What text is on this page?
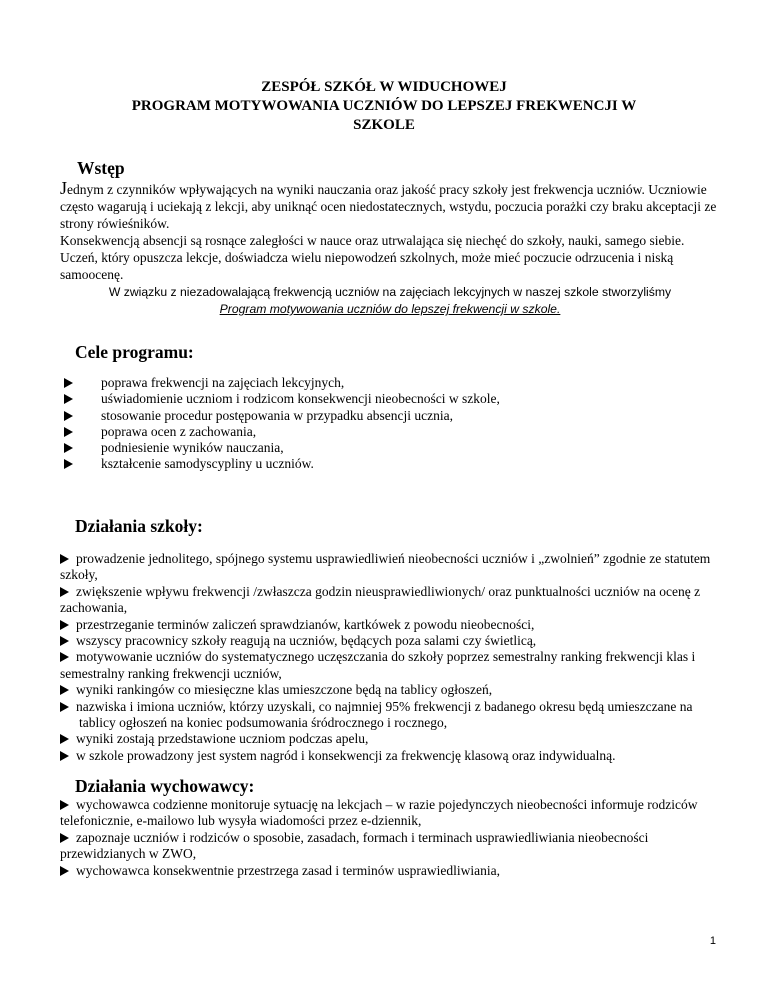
ZESPÓŁ SZKÓŁ W WIDUCHOWEJ
PROGRAM MOTYWOWANIA UCZNIÓW DO LEPSZEJ FREKWENCJI W
SZKOLE
Wstęp

Jednym z czynników wpływających na wyniki nauczania oraz jakość pracy szkoły jest frekwencja uczniów. Uczniowie często wagarują i uciekają z lekcji, aby uniknąć ocen niedostatecznych, wstydu, poczucia porażki czy braku akceptacji ze strony rówieśników.

Konsekwencją absencji są rosnące zaległości w nauce oraz utrwalająca się niechęć do szkoły, nauki, samego siebie. Uczeń, który opuszcza lekcje, doświadcza wielu niepowodzeń szkolnych, może mieć poczucie odrzucenia i niską samoocenę.

W związku z niezadowalającą frekwencją uczniów na zajęciach lekcyjnych w naszej szkole stworzyliśmy
Program motywowania uczniów do lepszej frekwencji w szkole.

Cele programu:
poprawa frekwencji na zajęciach lekcyjnych,
uświadomienie uczniom i rodzicom konsekwencji nieobecności w szkole,
stosowanie procedur postępowania w przypadku absencji ucznia,
poprawa ocen z zachowania,
podniesienie wyników nauczania,
kształcenie samodyscypliny u uczniów.
Działania szkoły:
prowadzenie jednolitego, spójnego systemu usprawiedliwień nieobecności uczniów i „zwolnień” zgodnie ze statutem szkoły,
zwiększenie wpływu frekwencji /zwłaszcza godzin nieusprawiedliwionych/ oraz punktualności uczniów na ocenę z zachowania,
przestrzeganie terminów zaliczeń sprawdzianów, kartkówek z powodu nieobecności,
wszyscy pracownicy szkoły reagują na uczniów, będących poza salami czy świetlicą,
motywowanie uczniów do systematycznego uczęszczania do szkoły poprzez semestralny ranking frekwencji klas i semestralny ranking frekwencji uczniów,
wyniki rankingów co miesięczne klas umieszczone będą na tablicy ogłoszeń,
nazwiska i imiona uczniów, którzy uzyskali, co najmniej 95% frekwencji z badanego okresu będą umieszczane na tablicy ogłoszeń na koniec podsumowania śródrocznego i rocznego,
wyniki zostają przedstawione uczniom podczas apelu,
w szkole prowadzony jest system nagród i konsekwencji za frekwencję klasową oraz indywidualną.
Działania wychowawcy:
wychowawca codzienne monitoruje sytuację na lekcjach – w razie pojedynczych nieobecności informuje rodziców telefonicznie, e-mailowo lub wysyła wiadomości przez e-dziennik,
zapoznaje uczniów i rodziców o sposobie, zasadach, formach i terminach usprawiedliwiania nieobecności przewidzianych w ZWO,
wychowawca konsekwentnie przestrzega zasad i terminów usprawiedliwiania,
1
